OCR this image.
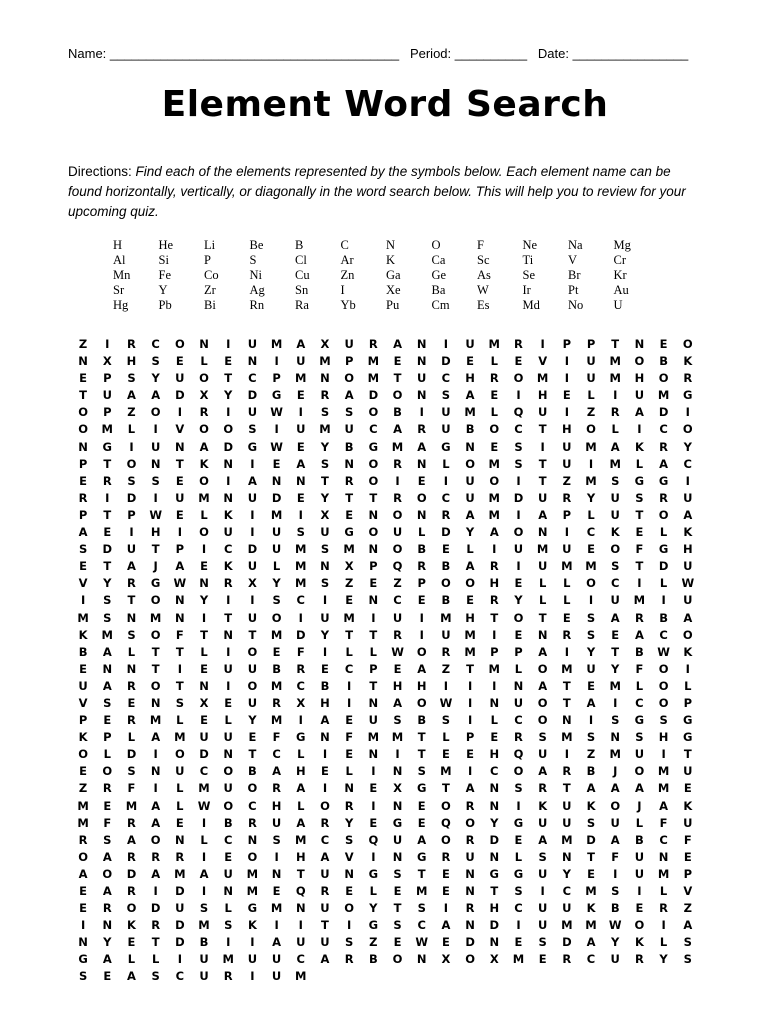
Name: ________________________________________   Period: __________   Date: ________________
Element Word Search
Directions: Find each of the elements represented by the symbols below. Each element name can be found horizontally, vertically, or diagonally in the word search below. This will help you to review for your upcoming quiz.
H	He	Li	Be	B	C	N	O	F	Ne	Na	Mg
Al	Si	P	S	Cl	Ar	K	Ca	Sc	Ti	V	Cr
Mn	Fe	Co	Ni	Cu	Zn	Ga	Ge	As	Se	Br	Kr
Sr	Y	Zr	Ag	Sn	I	Xe	Ba	W	Ir	Pt	Au
Hg	Pb	Bi	Rn	Ra	Yb	Pu	Cm	Es	Md	No	U
Z	I	R	C	O	N	I	U	M	A	X	U	R	A	N	I	U	M	R	I	P	P	T	N	E	O
N	X	H	S	E	L	E	N	I	U	M	P	M	E	N	D	E	L	E	V	I	U	M	O	B	K
E	P	S	Y	U	O	T	C	P	M	N	O	M	T	U	C	H	R	O	M	I	U	M	H	O	R
T	U	A	A	D	X	Y	D	G	E	R	A	D	O	N	S	A	E	I	H	E	L	I	U	M	G
O	P	Z	O	I	R	I	U	W	I	S	S	O	B	I	U	M	L	Q	U	I	Z	R	A	D	I
O	M	L	I	V	O	O	S	I	U	M	U	C	A	R	U	B	O	C	T	H	O	L	I	C	O
N	G	I	U	N	A	D	G	W	E	Y	B	G	M	A	G	N	E	S	I	U	M	A	K	R	Y
P	T	O	N	T	K	N	I	E	A	S	N	O	R	N	L	O	M	S	T	U	I	M	L	A	C
E	R	S	S	E	O	I	A	N	N	T	R	O	I	E	I	U	O	I	T	Z	M	S	G	G	I
R	I	D	I	U	M	N	U	D	E	Y	T	T	R	O	C	U	M	D	U	R	Y	U	S	R	U
P	T	P	W	E	L	K	I	M	I	X	E	N	O	N	R	A	M	I	A	P	L	U	T	O	A
A	E	I	H	I	O	U	I	U	S	U	G	O	U	L	D	Y	A	O	N	I	C	K	E	L	K
S	D	U	T	P	I	C	D	U	M	S	M	N	O	B	E	L	I	U	M	U	E	O	F	G	H
E	T	A	J	A	E	K	U	L	M	N	X	P	Q	R	B	A	R	I	U	M	M	S	T	D	U
V	Y	R	G	W	N	R	X	Y	M	S	Z	E	Z	P	O	O	H	E	L	L	O	C	I	L	W
I	S	T	O	N	Y	I	I	S	C	I	E	N	C	E	B	E	R	Y	L	L	I	U	M	I	U
M	S	N	M	N	I	T	U	O	I	U	M	I	U	I	M	H	T	O	T	E	S	A	R	B	A
K	M	S	O	F	T	N	T	M	D	Y	T	T	R	I	U	M	I	E	N	R	S	E	A	C	O
B	A	L	T	T	L	I	O	E	F	I	L	L	W	O	R	M	P	P	A	I	Y	T	B	W	K
E	N	N	T	I	E	U	U	B	R	E	C	P	E	A	Z	T	M	L	O	M	U	Y	F	O	I
U	A	R	O	T	N	I	O	M	C	B	I	T	H	H	I	I	I	N	A	T	E	M	L	O	L
V	S	E	N	S	X	E	U	R	X	H	I	N	A	O	W	I	N	U	O	T	A	I	C	O	P
P	E	R	M	L	E	L	Y	M	I	A	E	U	S	B	S	I	L	C	O	N	I	S	G	S	G
K	P	L	A	M	U	U	E	F	G	N	F	M	M	T	L	P	E	R	S	M	S	N	S	H	G
O	L	D	I	O	D	N	T	C	L	I	E	N	I	T	E	E	H	Q	U	I	Z	M	U	I	T
E	O	S	N	U	C	O	B	A	H	E	L	I	N	S	M	I	C	O	A	R	B	J	O	M	U
Z	R	F	I	L	M	U	O	R	A	I	N	E	X	G	T	A	N	S	R	T	A	A	A	M	E
M	E	M	A	L	W	O	C	H	L	O	R	I	N	E	O	R	N	I	K	U	K	O	J	A	K
M	F	R	A	E	I	B	R	U	A	R	Y	E	G	E	Q	O	Y	G	U	U	S	U	L	F	U
R	S	A	O	N	L	C	N	S	M	C	S	Q	U	A	O	R	D	E	A	M	D	A	B	C	F
O	A	R	R	R	I	E	O	I	H	A	V	I	N	G	R	U	N	L	S	N	T	F	U	N	E
A	O	D	A	M	A	U	M	N	T	U	N	G	S	T	E	N	G	G	U	Y	E	I	U	M	P
E	A	R	I	D	I	N	M	E	Q	R	E	L	E	M	E	N	T	S	I	C	M	S	I	L	V
E	R	O	D	U	S	L	G	M	N	U	O	Y	T	S	I	R	H	C	U	U	K	B	E	R	Z
I	N	K	R	D	M	S	K	I	I	T	I	G	S	C	A	N	D	I	U	M	M	W	O	I	A
N	Y	E	T	D	B	I	I	A	U	U	S	Z	E	W	E	D	N	E	S	D	A	Y	K	L	S
G	A	L	L	I	U	M	U	U	C	A	R	B	O	N	X	O	X	M	E	R	C	U	R	Y	S
S	E	A	S	C	U	R	I	U	M
